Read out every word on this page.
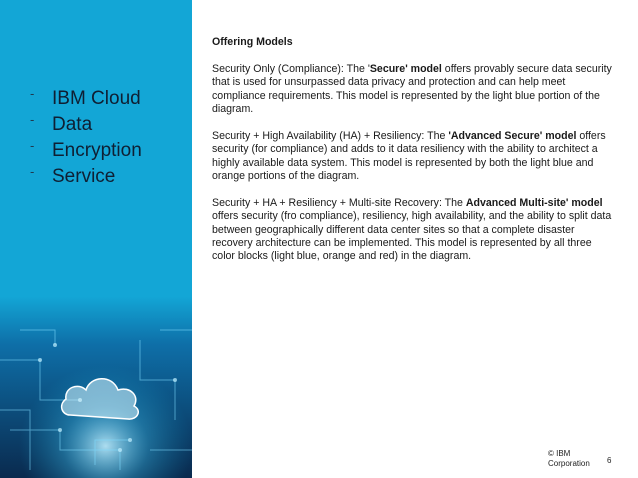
- IBM Cloud
- Data
- Encryption
- Service
Offering Models

Security Only (Compliance): The 'Secure' model offers provably secure data security that is used for unsurpassed data privacy and protection and can help meet compliance requirements. This model is represented by the light blue portion of the diagram.

Security + High Availability (HA) + Resiliency: The 'Advanced Secure' model offers security (for compliance) and adds to it data resiliency with the ability to architect a highly available data system. This model is represented by both the light blue and orange portions of the diagram.

Security + HA + Resiliency + Multi-site Recovery: The Advanced Multi-site' model offers security (fro compliance), resiliency, high availability, and the ability to split data between geographically different data center sites so that a complete disaster recovery architecture can be implemented. This model is represented by all three color blocks (light blue, orange and red) in the diagram.

© IBM
Corporation 6
